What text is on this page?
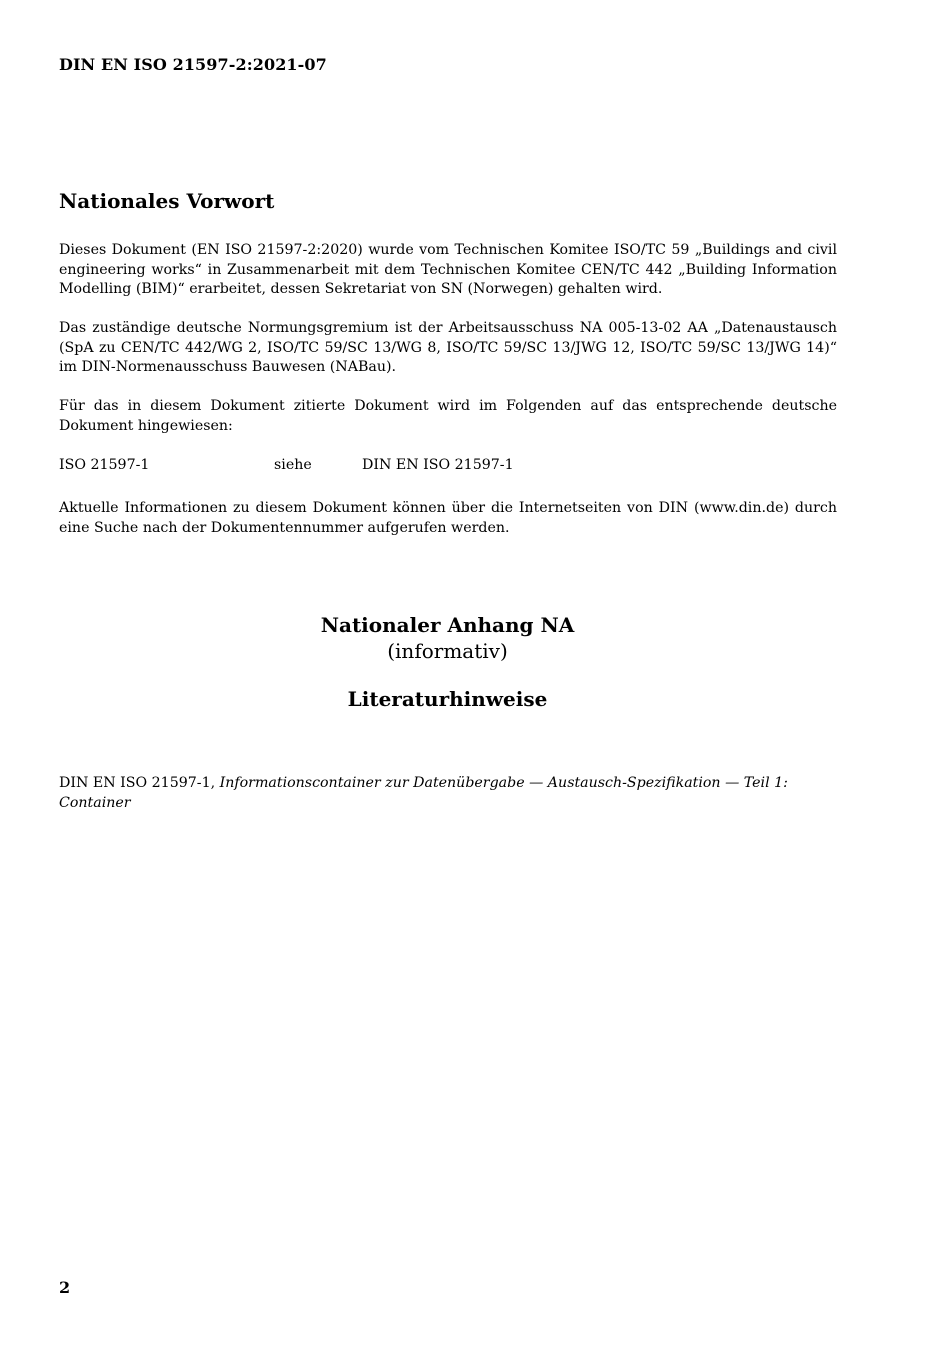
DIN EN ISO 21597-2:2021-07
Nationales Vorwort

Dieses Dokument (EN ISO 21597-2:2020) wurde vom Technischen Komitee ISO/TC 59 „Buildings and civil engineering works“ in Zusammenarbeit mit dem Technischen Komitee CEN/TC 442 „Building Information Modelling (BIM)“ erarbeitet, dessen Sekretariat von SN (Norwegen) gehalten wird.

Das zuständige deutsche Normungsgremium ist der Arbeitsausschuss NA 005-13-02 AA „Datenaustausch (SpA zu CEN/TC 442/WG 2, ISO/TC 59/SC 13/WG 8, ISO/TC 59/SC 13/JWG 12, ISO/TC 59/SC 13/JWG 14)“ im DIN-Normenausschuss Bauwesen (NABau).

Für das in diesem Dokument zitierte Dokument wird im Folgenden auf das entsprechende deutsche Dokument hingewiesen:

ISO 21597-1	siehe	DIN EN ISO 21597-1

Aktuelle Informationen zu diesem Dokument können über die Internetseiten von DIN (www.din.de) durch eine Suche nach der Dokumentennummer aufgerufen werden.

Nationaler Anhang NA
(informativ)
Literaturhinweise

DIN EN ISO 21597-1, Informationscontainer zur Datenübergabe — Austausch-Spezifikation — Teil 1: Container

2
